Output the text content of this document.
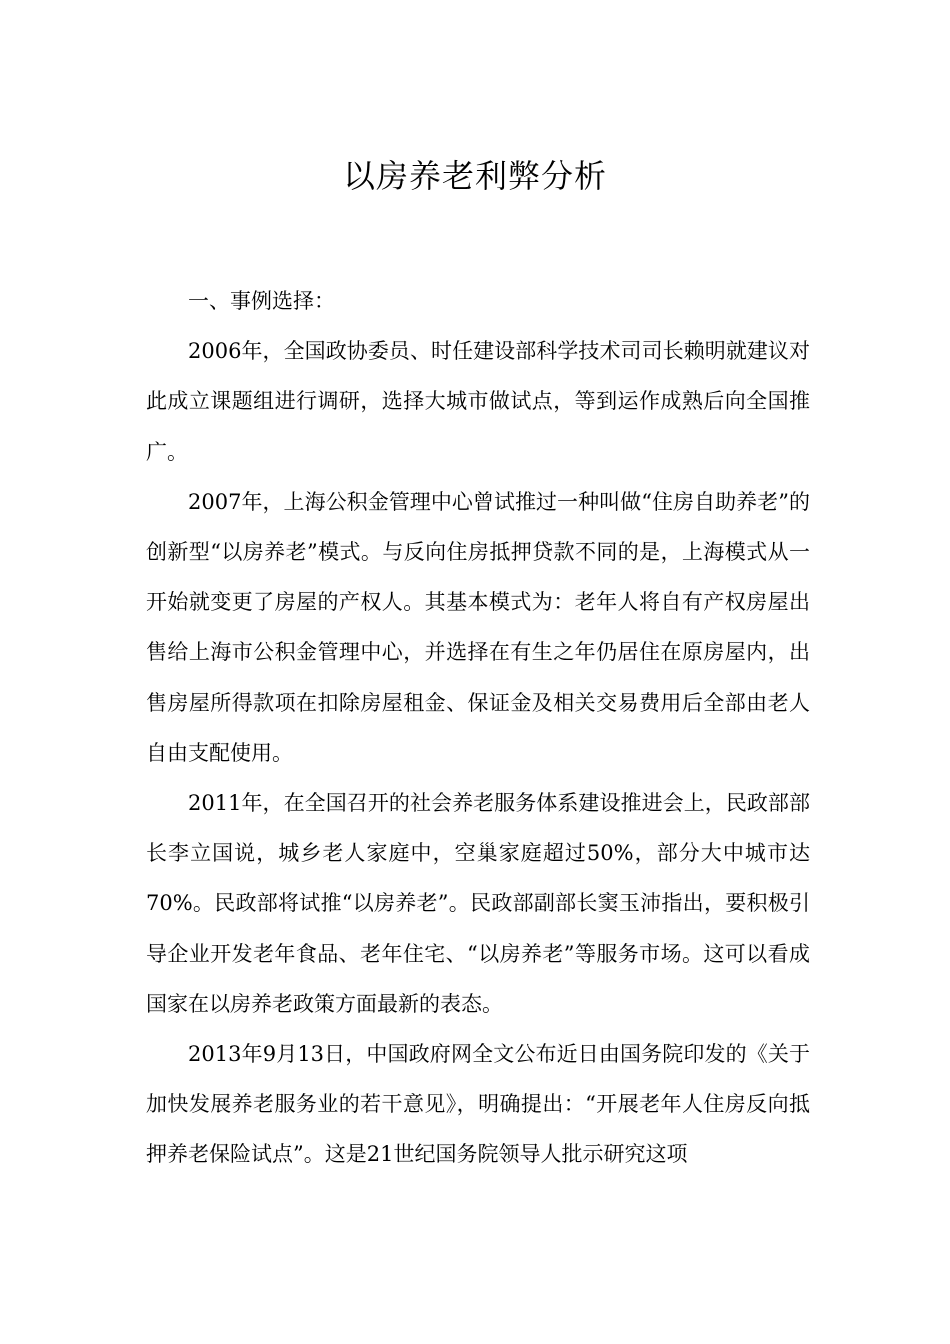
以房养老利弊分析

一、事例选择：

2006年，全国政协委员、时任建设部科学技术司司长赖明就建议对此成立课题组进行调研，选择大城市做试点，等到运作成熟后向全国推广。

2007年，上海公积金管理中心曾试推过一种叫做“住房自助养老”的创新型“以房养老”模式。与反向住房抵押贷款不同的是，上海模式从一开始就变更了房屋的产权人。其基本模式为：老年人将自有产权房屋出售给上海市公积金管理中心，并选择在有生之年仍居住在原房屋内，出售房屋所得款项在扣除房屋租金、保证金及相关交易费用后全部由老人自由支配使用。

2011年，在全国召开的社会养老服务体系建设推进会上，民政部部长李立国说，城乡老人家庭中，空巢家庭超过50%，部分大中城市达70%。民政部将试推“以房养老”。民政部副部长窦玉沛指出，要积极引导企业开发老年食品、老年住宅、“以房养老”等服务市场。这可以看成国家在以房养老政策方面最新的表态。

2013年9月13日，中国政府网全文公布近日由国务院印发的《关于加快发展养老服务业的若干意见》，明确提出：“开展老年人住房反向抵押养老保险试点”。这是21世纪国务院领导人批示研究这项
